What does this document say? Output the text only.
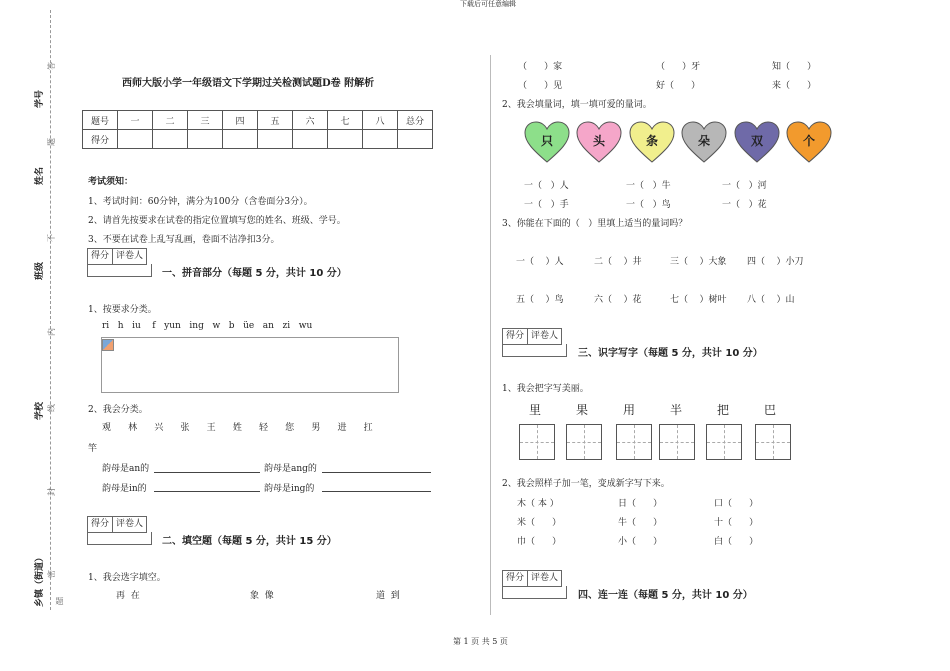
下载后可任意编辑
第 1 页 共 5 页
学号
姓名
班级
学校
乡镇（街道）
答
题
不
内
线
封
密
题
西师大版小学一年级语文下学期过关检测试题D卷 附解析
题号	一	二	三	四	五	六	七	八	总分
得分									
考试须知：
1、考试时间：60分钟，满分为100分（含卷面分3分）。
2、请首先按要求在试卷的指定位置填写您的姓名、班级、学号。
3、不要在试卷上乱写乱画，卷面不洁净扣3分。
得分 评卷人
一、拼音部分（每题 5 分，共计 10 分）
1、按要求分类。
ri   h   iu    f   yun   ing   w   b   üe   an   zi   wu
2、我会分类。
观      林      兴      张      王      姓      轻      您      男      进      扛
竿
韵母是an的	韵母是ang的
韵母是in的	韵母是ing的
得分 评卷人
二、填空题（每题 5 分，共计 15 分）
1、我会选字填空。
再  在	象  像	道  到
（      ）家	（      ）牙	知（      ）
（      ）见	好（      ）	来（      ）
2、我会填量词，填一填可爱的量词。
只	头	条	朵	双	个
一（   ）人	一（   ）牛	一（   ）河
一（   ）手	一（   ）鸟	一（   ）花
3、你能在下面的（   ）里填上适当的量词吗？
一（    ）人	二（    ）井	三（    ）大象 四（    ）小刀
五（    ）鸟	六（    ）花	七（    ）树叶 八（    ）山
得分 评卷人
三、识字写字（每题 5 分，共计 10 分）
1、我会把字写美丽。
里	果	用	半	把	巴
2、我会照样子加一笔，变成新字写下来。
木（ 本 ）	日（      ）	口（      ）
米（      ）	牛（      ）	十（      ）
巾（      ）	小（      ）	白（      ）
得分 评卷人
四、连一连（每题 5 分，共计 10 分）
